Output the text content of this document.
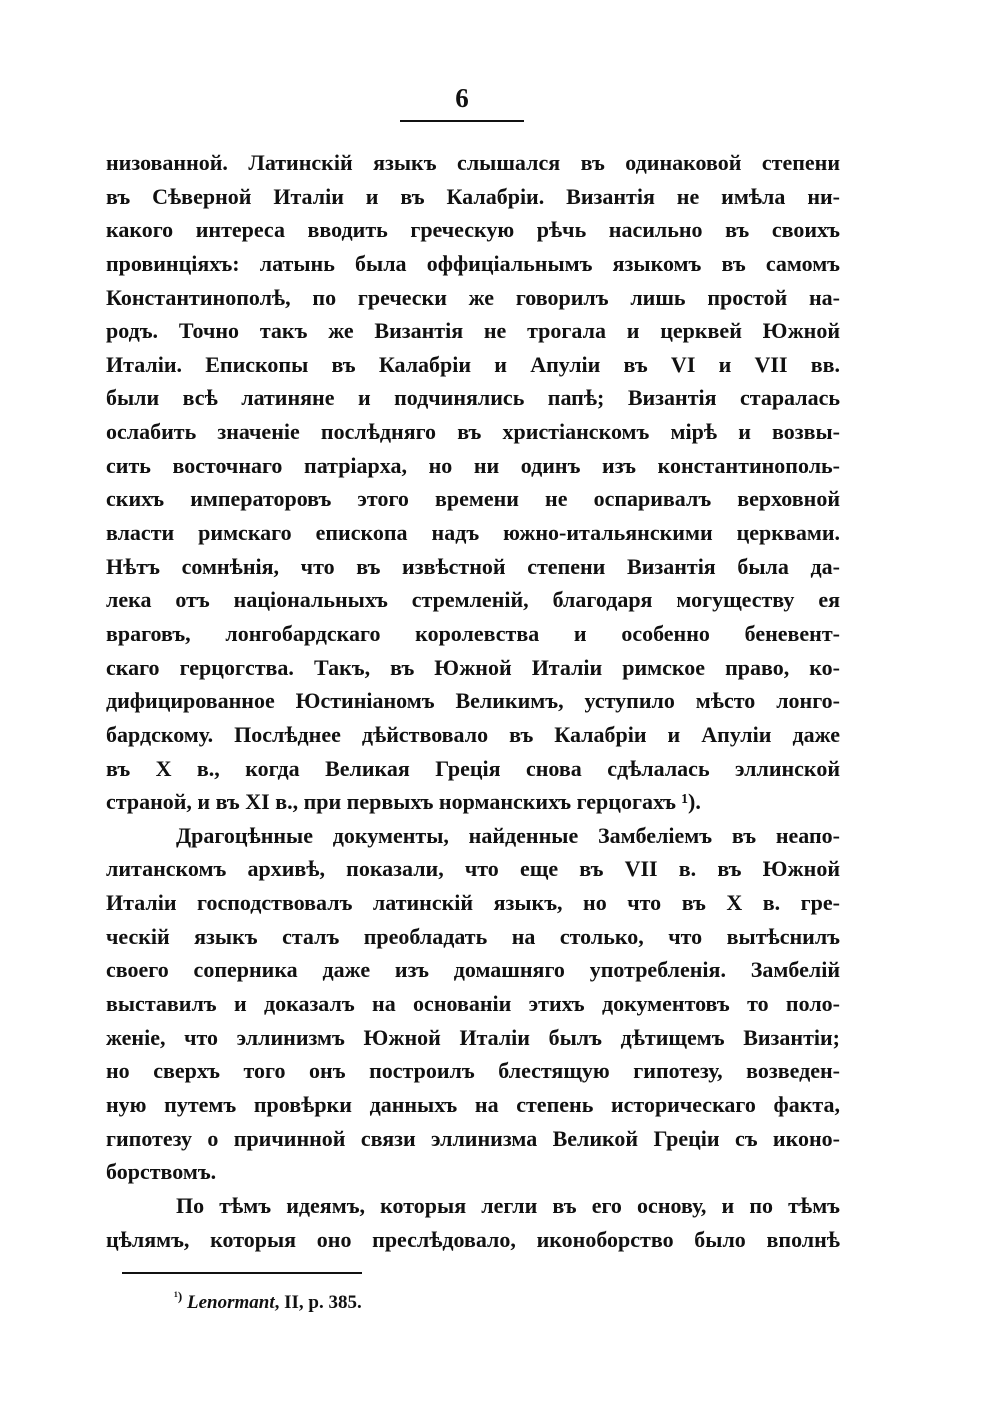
6
низованной. Латинскій языкъ слышался въ одинаковой степени
въ Сѣверной Италіи и въ Калабріи. Византія не имѣла ни-
какого интереса вводить греческую рѣчь насильно въ своихъ
провинціяхъ: латынь была оффиціальнымъ языкомъ въ самомъ
Константинополѣ, по гречески же говорилъ лишь простой на-
родъ. Точно такъ же Византія не трогала и церквей Южной
Италіи. Епископы въ Калабріи и Апуліи въ VI и VII вв.
были всѣ латиняне и подчинялись папѣ; Византія старалась
ослабить значеніе послѣдняго въ христіанскомъ мірѣ и возвы-
сить восточнаго патріарха, но ни одинъ изъ константинополь-
скихъ императоровъ этого времени не оспаривалъ верховной
власти римскаго епископа надъ южно-итальянскими церквами.
Нѣтъ сомнѣнія, что въ извѣстной степени Византія была да-
лека отъ національныхъ стремленій, благодаря могуществу ея
враговъ, лонгобардскаго королевства и особенно беневент-
скаго герцогства. Такъ, въ Южной Италіи римское право, ко-
дифицированное Юстиніаномъ Великимъ, уступило мѣсто лонго-
бардскому. Послѣднее дѣйствовало въ Калабріи и Апуліи даже
въ X в., когда Великая Греція снова сдѣлалась эллинской
страной, и въ XI в., при первыхъ норманскихъ герцогахъ ¹).
Драгоцѣнные документы, найденные Замбеліемъ въ неапо-
литанскомъ архивѣ, показали, что еще въ VII в. въ Южной
Италіи господствовалъ латинскій языкъ, но что въ X в. гре-
ческій языкъ сталъ преобладать на столько, что вытѣснилъ
своего соперника даже изъ домашняго употребленія. Замбелій
выставилъ и доказалъ на основаніи этихъ документовъ то поло-
женіе, что эллинизмъ Южной Италіи былъ дѣтищемъ Византіи;
но сверхъ того онъ построилъ блестящую гипотезу, возведен-
ную путемъ провѣрки данныхъ на степень историческаго факта,
гипотезу о причинной связи эллинизма Великой Греціи съ иконо-
борствомъ.
По тѣмъ идеямъ, которыя легли въ его основу, и по тѣмъ
цѣлямъ, которыя оно преслѣдовало, иконоборство было вполнѣ
$^{^1)}$ Lenormant, II, p. 385.
